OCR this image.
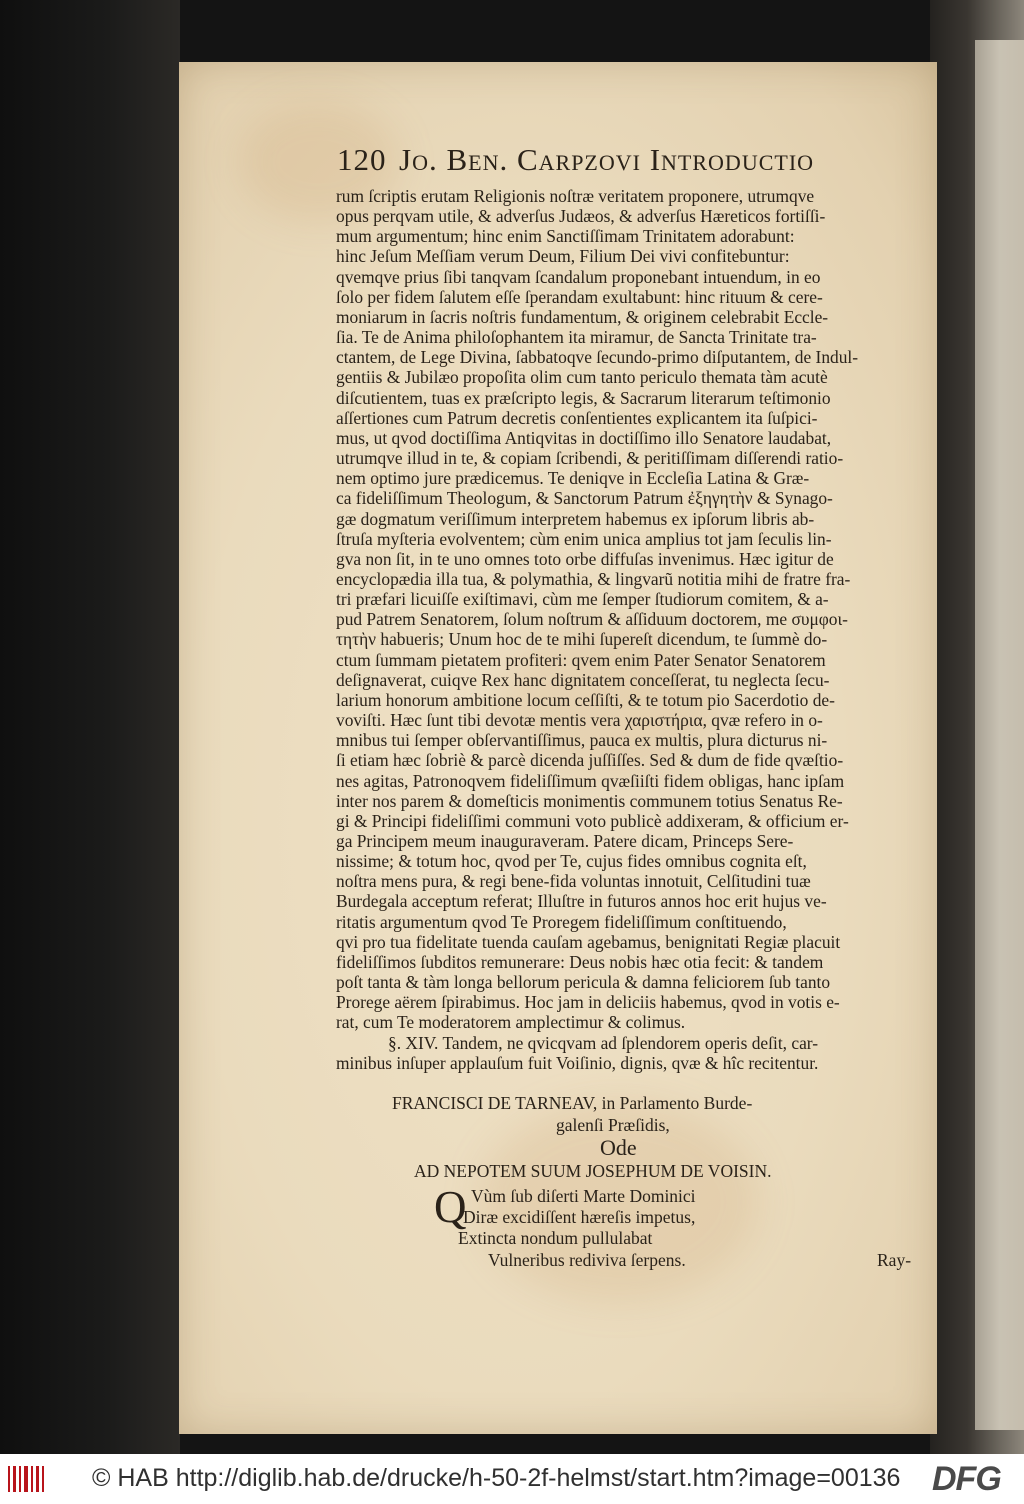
120 Jo. Ben. Carpzovi Introductio
rum ſcriptis erutam Religionis noſtræ veritatem proponere, utrumqve
opus perqvam utile, & adverſus Judæos, & adverſus Hæreticos fortiſſi-
mum argumentum; hinc enim Sanctiſſimam Trinitatem adorabunt:
hinc Jeſum Meſſiam verum Deum, Filium Dei vivi confitebuntur:
qvemqve prius ſibi tanqvam ſcandalum proponebant intuendum, in eo
ſolo per fidem ſalutem eſſe ſperandam exultabunt: hinc rituum & cere-
moniarum in ſacris noſtris fundamentum, & originem celebrabit Eccle-
ſia. Te de Anima philoſophantem ita miramur, de Sancta Trinitate tra-
ctantem, de Lege Divina, ſabbatoqve ſecundo-primo diſputantem, de Indul-
gentiis & Jubilæo propoſita olim cum tanto periculo themata tàm acutè
diſcutientem, tuas ex præſcripto legis, & Sacrarum literarum teſtimonio
aſſertiones cum Patrum decretis conſentientes explicantem ita ſuſpici-
mus, ut qvod doctiſſima Antiqvitas in doctiſſimo illo Senatore laudabat,
utrumqve illud in te, & copiam ſcribendi, & peritiſſimam diſſerendi ratio-
nem optimo jure prædicemus. Te deniqve in Eccleſia Latina & Græ-
ca fideliſſimum Theologum, & Sanctorum Patrum ἐξηγητὴν & Synago-
gæ dogmatum veriſſimum interpretem habemus ex ipſorum libris ab-
ſtruſa myſteria evolventem; cùm enim unica amplius tot jam ſeculis lin-
gva non ſit, in te uno omnes toto orbe diffuſas invenimus. Hæc igitur de
encyclopædia illa tua, & polymathia, & lingvarũ notitia mihi de fratre fra-
tri præfari licuiſſe exiſtimavi, cùm me ſemper ſtudiorum comitem, & a-
pud Patrem Senatorem, ſolum noſtrum & aſſiduum doctorem, me συμφοι-
τητὴν habueris; Unum hoc de te mihi ſupereſt dicendum, te ſummè do-
ctum ſummam pietatem profiteri: qvem enim Pater Senator Senatorem
deſignaverat, cuiqve Rex hanc dignitatem conceſſerat, tu neglecta ſecu-
larium honorum ambitione locum ceſſiſti, & te totum pio Sacerdotio de-
voviſti. Hæc ſunt tibi devotæ mentis vera χαριστήρια, qvæ refero in o-
mnibus tui ſemper obſervantiſſimus, pauca ex multis, plura dicturus ni-
ſi etiam hæc ſobriè & parcè dicenda juſſiſſes. Sed & dum de fide qvæſtio-
nes agitas, Patronoqvem fideliſſimum qvæſiiſti fidem obligas, hanc ipſam
inter nos parem & domeſticis monimentis communem totius Senatus Re-
gi & Principi fideliſſimi communi voto publicè addixeram, & officium er-
ga Principem meum inauguraveram. Patere dicam, Princeps Sere-
nissime; & totum hoc, qvod per Te, cujus fides omnibus cognita eſt,
noſtra mens pura, & regi bene-fida voluntas innotuit, Celſitudini tuæ
Burdegala acceptum referat; Illuſtre in futuros annos hoc erit hujus ve-
ritatis argumentum qvod Te Proregem fideliſſimum conſtituendo,
qvi pro tua fidelitate tuenda cauſam agebamus, benignitati Regiæ placuit
fideliſſimos ſubditos remunerare: Deus nobis hæc otia fecit: & tandem
poſt tanta & tàm longa bellorum pericula & damna feliciorem ſub tanto
Prorege aërem ſpirabimus. Hoc jam in deliciis habemus, qvod in votis e-
rat, cum Te moderatorem amplectimur & colimus.
§. XIV. Tandem, ne qvicqvam ad ſplendorem operis deſit, car-
minibus inſuper applauſum fuit Voiſinio, dignis, qvæ & hîc recitentur.
FRANCISCI DE TARNEAV, in Parlamento Burde-
galenſi Præſidis,
Ode
AD NEPOTEM SUUM JOSEPHUM DE VOISIN.
Q Vùm ſub diſerti Marte Dominici
Diræ excidiſſent hæreſis impetus,
Extincta nondum pullulabat
Vulneribus rediviva ſerpens.	Ray-
© HAB http://diglib.hab.de/drucke/h-50-2f-helmst/start.htm?image=00136 DFG
